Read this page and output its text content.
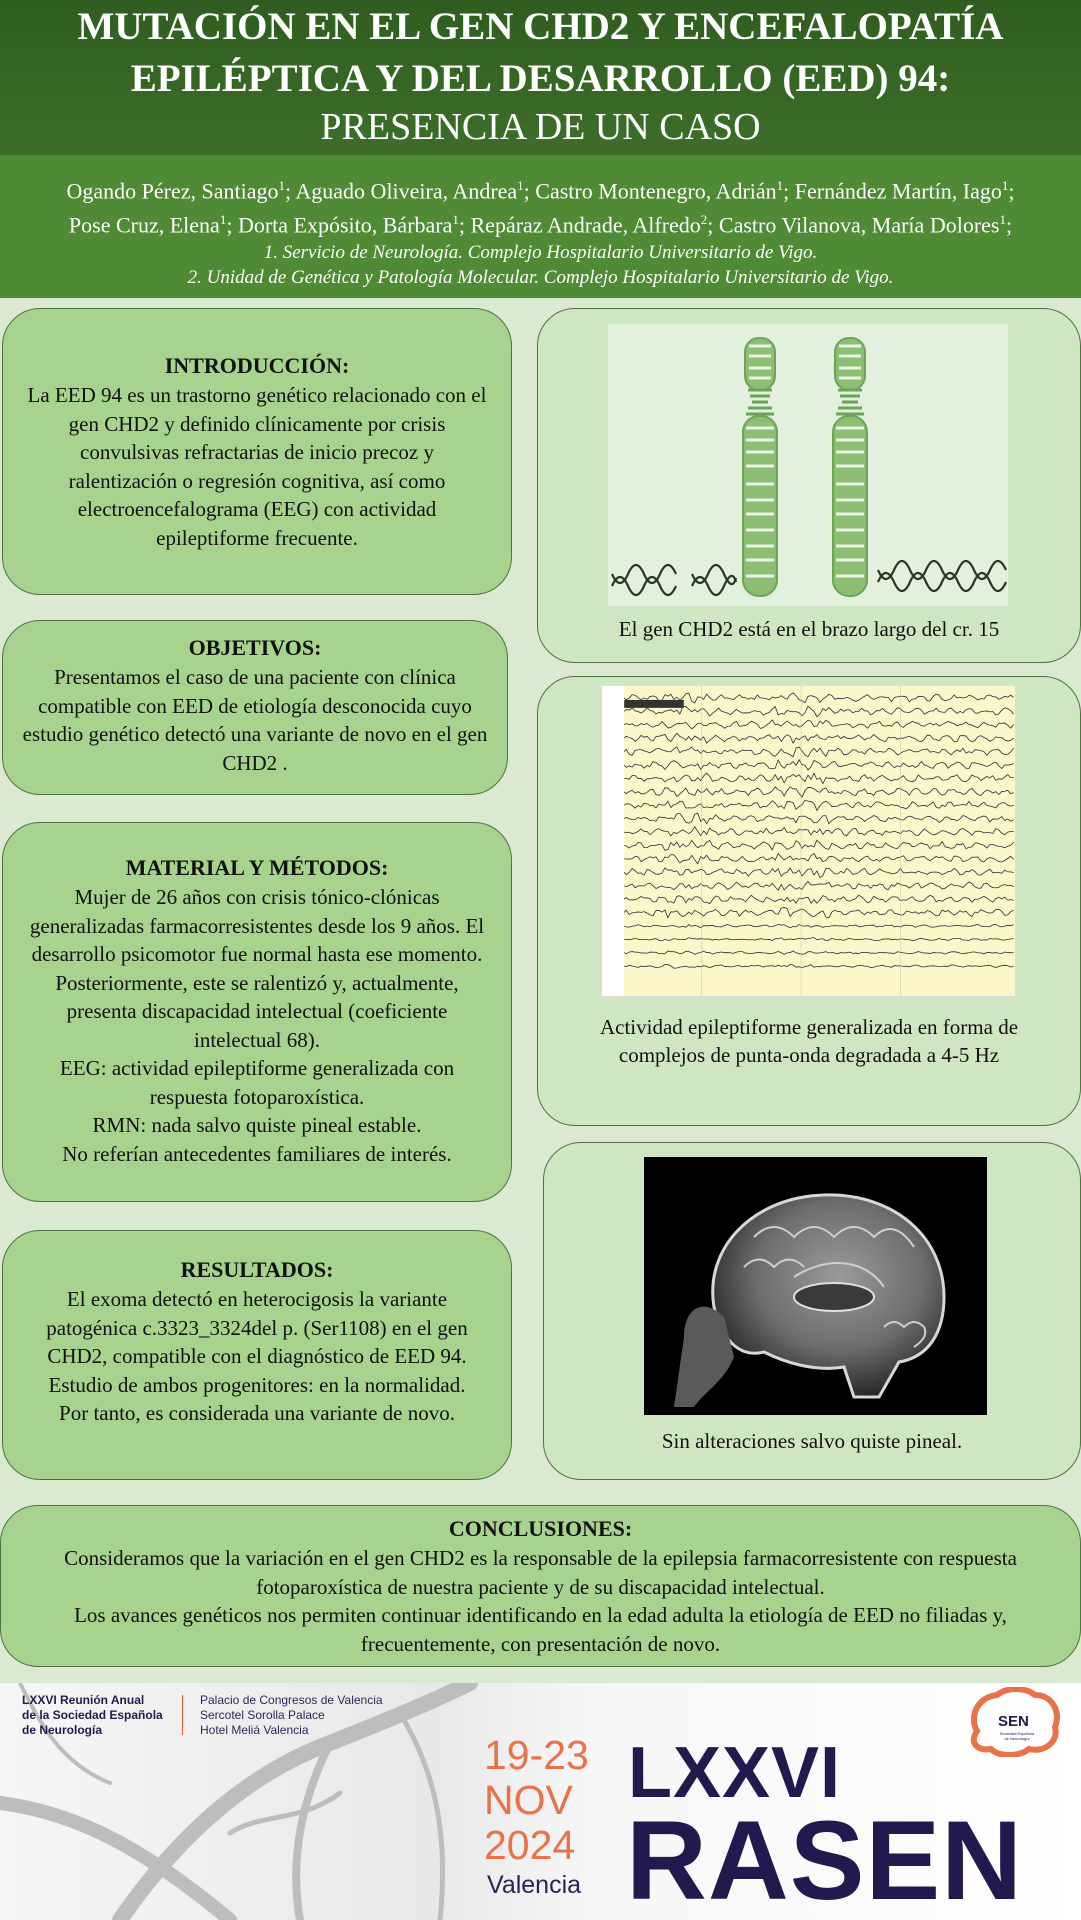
MUTACIÓN EN EL GEN CHD2 Y ENCEFALOPATÍA
EPILÉPTICA Y DEL DESARROLLO (EED) 94:
PRESENCIA DE UN CASO
Ogando Pérez, Santiago$^1$; Aguado Oliveira, Andrea$^1$; Castro Montenegro, Adrián$^1$; Fernández Martín, Iago$^1$;
Pose Cruz, Elena$^1$; Dorta Expósito, Bárbara$^1$; Repáraz Andrade, Alfredo$^2$; Castro Vilanova, María Dolores$^1$;
1. Servicio de Neurología. Complejo Hospitalario Universitario de Vigo.
2. Unidad de Genética y Patología Molecular. Complejo Hospitalario Universitario de Vigo.
INTRODUCCIÓN:

La EED 94 es un trastorno genético relacionado con el gen CHD2 y definido clínicamente por crisis convulsivas refractarias de inicio precoz y ralentización o regresión cognitiva, así como electroencefalograma (EEG) con actividad epileptiforme frecuente.

OBJETIVOS:

Presentamos el caso de una paciente con clínica compatible con EED de etiología desconocida cuyo estudio genético detectó una variante de novo en el gen CHD2 .

MATERIAL Y MÉTODOS:

Mujer de 26 años con crisis tónico-clónicas generalizadas farmacorresistentes desde los 9 años. El desarrollo psicomotor fue normal hasta ese momento. Posteriormente, este se ralentizó y, actualmente, presenta discapacidad intelectual (coeficiente intelectual 68).

EEG: actividad epileptiforme generalizada con respuesta fotoparoxística.

RMN: nada salvo quiste pineal estable.

No referían antecedentes familiares de interés.

RESULTADOS:

El exoma detectó en heterocigosis la variante patogénica c.3323_3324del p. (Ser1108) en el gen CHD2, compatible con el diagnóstico de EED 94. Estudio de ambos progenitores: en la normalidad.

Por tanto, es considerada una variante de novo.

El gen CHD2 está en el brazo largo del cr. 15
Actividad epileptiforme generalizada en forma de
complejos de punta-onda degradada a 4-5 Hz
Sin alteraciones salvo quiste pineal.
CONCLUSIONES:

Consideramos que la variación en el gen CHD2 es la responsable de la epilepsia farmacorresistente con respuesta fotoparoxística de nuestra paciente y de su discapacidad intelectual.

Los avances genéticos nos permiten continuar identificando en la edad adulta la etiología de EED no filiadas y, frecuentemente, con presentación de novo.

LXXVI Reunión Anual
de la Sociedad Española
de Neurología
Palacio de Congresos de Valencia
Sercotel Sorolla Palace
Hotel Meliá Valencia
19-23
NOV
2024
Valencia
LXXVI
RASEN
SEN
Sociedad Española de Neurología
